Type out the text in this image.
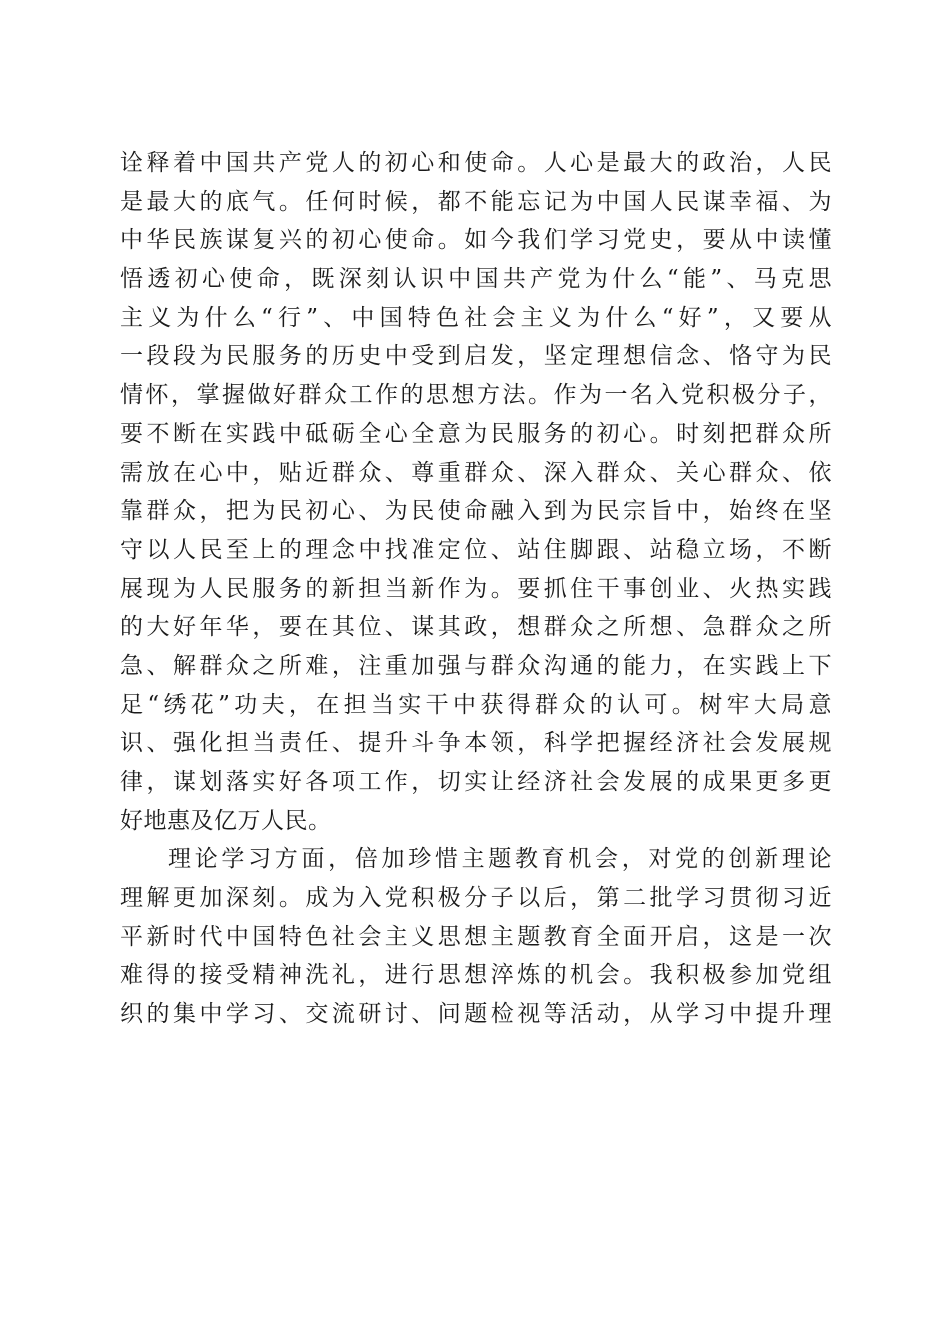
诠释着中国共产党人的初心和使命。人心是最大的政治，人民
是最大的底气。任何时候，都不能忘记为中国人民谋幸福、为
中华民族谋复兴的初心使命。如今我们学习党史，要从中读懂
悟透初心使命，既深刻认识中国共产党为什么“能”、马克思
主义为什么“行”、中国特色社会主义为什么“好”，又要从
一段段为民服务的历史中受到启发，坚定理想信念、恪守为民
情怀，掌握做好群众工作的思想方法。作为一名入党积极分子，
要不断在实践中砥砺全心全意为民服务的初心。时刻把群众所
需放在心中，贴近群众、尊重群众、深入群众、关心群众、依
靠群众，把为民初心、为民使命融入到为民宗旨中，始终在坚
守以人民至上的理念中找准定位、站住脚跟、站稳立场，不断
展现为人民服务的新担当新作为。要抓住干事创业、火热实践
的大好年华，要在其位、谋其政，想群众之所想、急群众之所
急、解群众之所难，注重加强与群众沟通的能力，在实践上下
足“绣花”功夫，在担当实干中获得群众的认可。树牢大局意
识、强化担当责任、提升斗争本领，科学把握经济社会发展规
律，谋划落实好各项工作，切实让经济社会发展的成果更多更
好地惠及亿万人民。
理论学习方面，倍加珍惜主题教育机会，对党的创新理论
理解更加深刻。成为入党积极分子以后，第二批学习贯彻习近
平新时代中国特色社会主义思想主题教育全面开启，这是一次
难得的接受精神洗礼，进行思想淬炼的机会。我积极参加党组
织的集中学习、交流研讨、问题检视等活动，从学习中提升理
